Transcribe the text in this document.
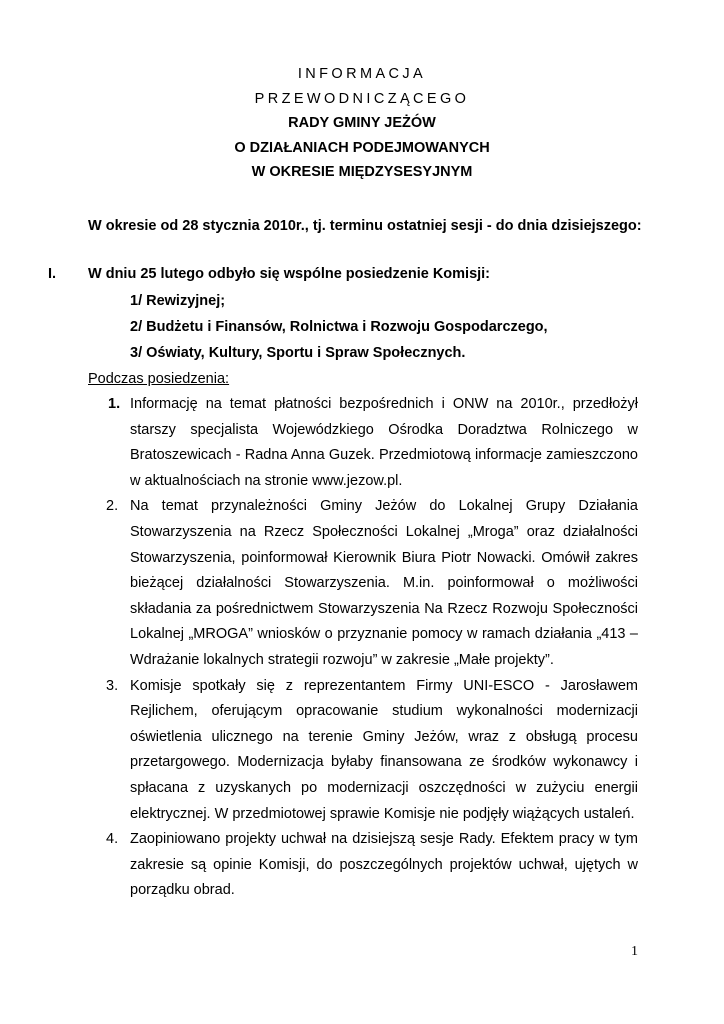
INFORMACJA
PRZEWODNICZĄCEGO
RADY GMINY JEŻÓW
O DZIAŁANIACH PODEJMOWANYCH
W OKRESIE MIĘDZYSESYJNYM
W okresie od 28 stycznia 2010r., tj. terminu ostatniej sesji - do dnia dzisiejszego:
I. W dniu 25 lutego odbyło się wspólne posiedzenie Komisji:
1/ Rewizyjnej;
2/ Budżetu i Finansów, Rolnictwa i Rozwoju Gospodarczego,
3/ Oświaty, Kultury, Sportu i Spraw Społecznych.
Podczas posiedzenia:
1. Informację na temat płatności bezpośrednich i ONW na 2010r., przedłożył starszy specjalista Wojewódzkiego Ośrodka Doradztwa Rolniczego w Bratoszewicach - Radna Anna Guzek. Przedmiotową informacje zamieszczono w aktualnościach na stronie www.jezow.pl.
2. Na temat przynależności Gminy Jeżów do Lokalnej Grupy Działania Stowarzyszenia na Rzecz Społeczności Lokalnej „Mroga” oraz działalności Stowarzyszenia, poinformował Kierownik Biura Piotr Nowacki. Omówił zakres bieżącej działalności Stowarzyszenia. M.in. poinformował o możliwości składania za pośrednictwem Stowarzyszenia Na Rzecz Rozwoju Społeczności Lokalnej „MROGA” wniosków o przyznanie pomocy w ramach działania „413 – Wdrażanie lokalnych strategii rozwoju” w zakresie „Małe projekty”.
3. Komisje spotkały się z reprezentantem Firmy UNI-ESCO - Jarosławem Rejlichem, oferującym opracowanie studium wykonalności modernizacji oświetlenia ulicznego na terenie Gminy Jeżów, wraz z obsługą procesu przetargowego. Modernizacja byłaby finansowana ze środków wykonawcy i spłacana z uzyskanych po modernizacji oszczędności w zużyciu energii elektrycznej. W przedmiotowej sprawie Komisje nie podjęły wiążących ustaleń.
4. Zaopiniowano projekty uchwał na dzisiejszą sesje Rady. Efektem pracy w tym zakresie są opinie Komisji, do poszczególnych projektów uchwał, ujętych w porządku obrad.
1
